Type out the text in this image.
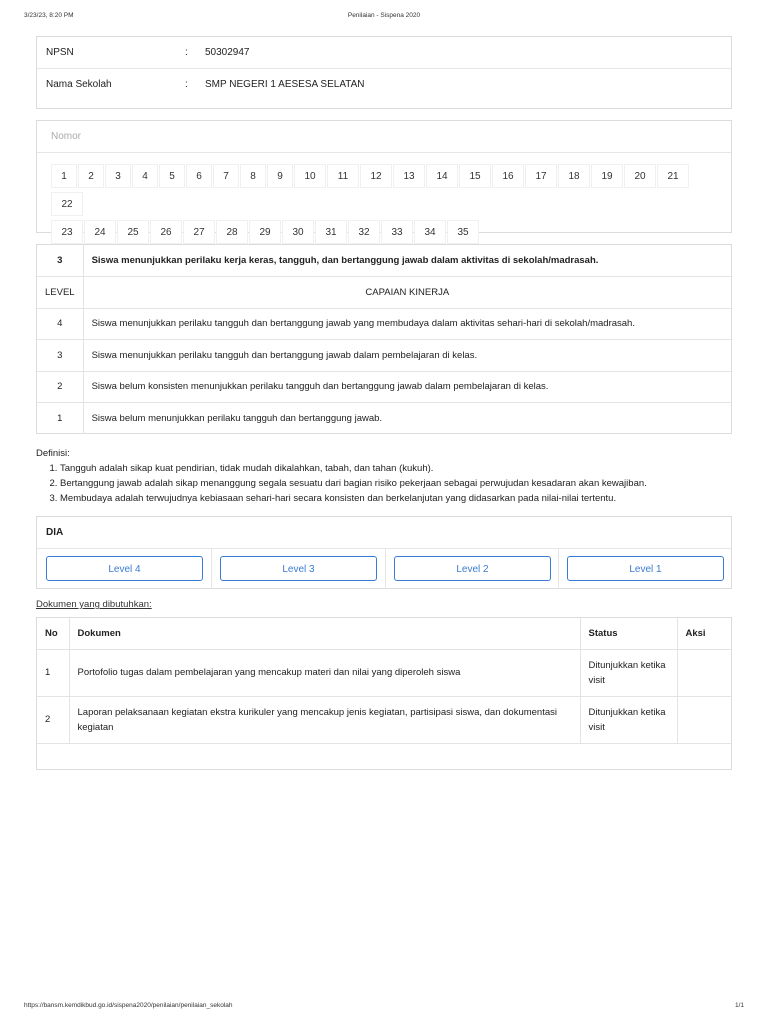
3/23/23, 8:20 PM	Penilaian - Sispena 2020
NPSN	: 50302947
Nama Sekolah	: SMP NEGERI 1 AESESA SELATAN
Nomor
1 2 3 4 5 6 7 8 9 10 11 12 13 14 15 16 17 18 19 20 2122
23 24 25 26 27 28 29 30 31 32 33 34 35
3	Siswa menunjukkan perilaku kerja keras, tangguh, dan bertanggung jawab dalam aktivitas di sekolah/madrasah.
LEVEL	CAPAIAN KINERJA
4	Siswa menunjukkan perilaku tangguh dan bertanggung jawab yang membudaya dalam aktivitas sehari-hari di sekolah/madrasah.
3	Siswa menunjukkan perilaku tangguh dan bertanggung jawab dalam pembelajaran di kelas.
2	Siswa belum konsisten menunjukkan perilaku tangguh dan bertanggung jawab dalam pembelajaran di kelas.
1	Siswa belum menunjukkan perilaku tangguh dan bertanggung jawab.
Definisi:
1. Tangguh adalah sikap kuat pendirian, tidak mudah dikalahkan, tabah, dan tahan (kukuh).
2. Bertanggung jawab adalah sikap menanggung segala sesuatu dari bagian risiko pekerjaan sebagai perwujudan kesadaran akan kewajiban.
3. Membudaya adalah terwujudnya kebiasaan sehari-hari secara konsisten dan berkelanjutan yang didasarkan pada nilai-nilai tertentu.
DIA
Level 4	Level 3	Level 2	Level 1
Dokumen yang dibutuhkan:
No	Dokumen	Status	Aksi
1	Portofolio tugas dalam pembelajaran yang mencakup materi dan nilai yang diperoleh siswa	Ditunjukkan ketika visit	
2	Laporan pelaksanaan kegiatan ekstra kurikuler yang mencakup jenis kegiatan, partisipasi siswa, dan dokumentasi kegiatan	Ditunjukkan ketika visit	

https://bansm.kemdikbud.go.id/sispena2020/penilaian/penilaian_sekolah	1/1
